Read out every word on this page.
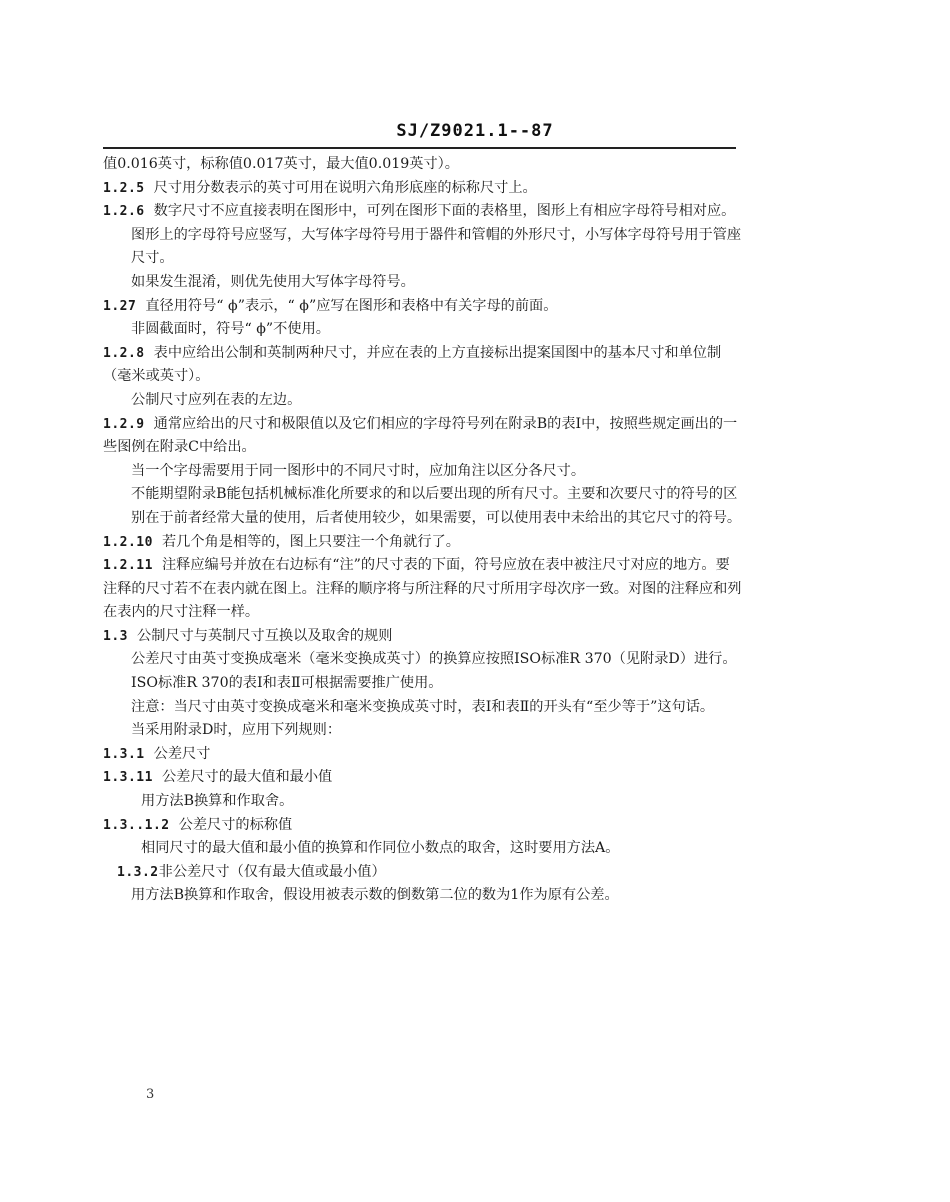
SJ/Z9021.1--87

值0.016英寸，标称值0.017英寸，最大值0.019英寸）。

1.2.5  尺寸用分数表示的英寸可用在说明六角形底座的标称尺寸上。

1.2.6  数字尺寸不应直接表明在图形中，可列在图形下面的表格里，图形上有相应字母符号相对应。

图形上的字母符号应竖写，大写体字母符号用于器件和管帽的外形尺寸，小写体字母符号用于管座尺寸。

如果发生混淆，则优先使用大写体字母符号。

1.27  直径用符号“ ϕ”表示，“ ϕ”应写在图形和表格中有关字母的前面。

非圆截面时，符号“ ϕ”不使用。

1.2.8  表中应给出公制和英制两种尺寸，并应在表的上方直接标出提案国图中的基本尺寸和单位制（毫米或英寸）。

公制尺寸应列在表的左边。

1.2.9  通常应给出的尺寸和极限值以及它们相应的字母符号列在附录B的表Ⅰ中，按照些规定画出的一些图例在附录C中给出。

当一个字母需要用于同一图形中的不同尺寸时，应加角注以区分各尺寸。

不能期望附录B能包括机械标准化所要求的和以后要出现的所有尺寸。主要和次要尺寸的符号的区别在于前者经常大量的使用，后者使用较少，如果需要，可以使用表中未给出的其它尺寸的符号。

1.2.10  若几个角是相等的，图上只要注一个角就行了。

1.2.11  注释应编号并放在右边标有“注”的尺寸表的下面，符号应放在表中被注尺寸对应的地方。要注释的尺寸若不在表内就在图上。注释的顺序将与所注释的尺寸所用字母次序一致。对图的注释应和列在表内的尺寸注释一样。

1.3  公制尺寸与英制尺寸互换以及取舍的规则

公差尺寸由英寸变换成毫米（毫米变换成英寸）的换算应按照ISO标准R 370（见附录D）进行。

ISO标准R 370的表Ⅰ和表Ⅱ可根据需要推广使用。

注意：当尺寸由英寸变换成毫米和毫米变换成英寸时，表Ⅰ和表Ⅱ的开头有“至少等于”这句话。

当采用附录D时，应用下列规则：

1.3.1  公差尺寸

1.3.11  公差尺寸的最大值和最小值

用方法B换算和作取舍。

1.3..1.2  公差尺寸的标称值

相同尺寸的最大值和最小值的换算和作同位小数点的取舍，这时要用方法A。

1.3.2非公差尺寸（仅有最大值或最小值）

用方法B换算和作取舍，假设用被表示数的倒数第二位的数为1作为原有公差。

3
